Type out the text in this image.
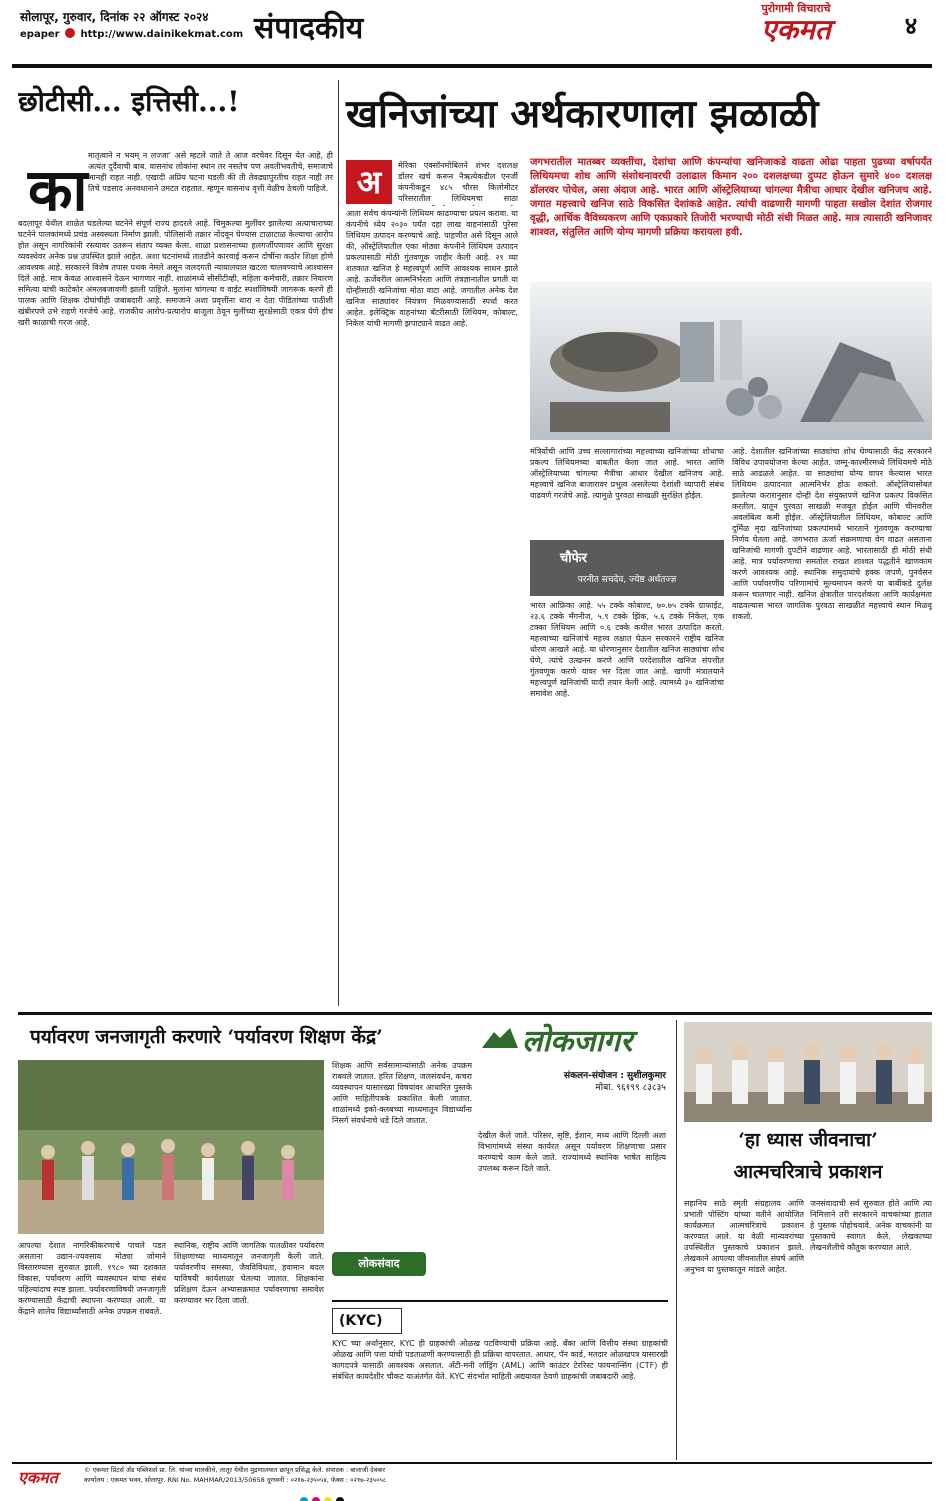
सोलापूर, गुरुवार, दिनांक २२ ऑगस्ट २०२४
epaper http://www.dainikekmat.com संपादकीय
पुरोगामी विचाराचे
एकमत	४
छोटीसी... इत्तिसी...!
का
मातृत्वाने न भयम् न लज्जा' असे म्हटले जाते ते आज वरचेवर दिसून येत आहे, ही अत्यंत दुर्दैवाची बाब. वासनांध लोकांना स्थान तर नसतेच पण अवतीभवतीचे, समाजाचे भानही राहत नाही. एखादी अप्रिय घटना घडली की ती तेवढ्यापुरतीच राहत नाही तर तिचे पडसाद अनवधानाने उमटत राहतात. म्हणून वासनांध वृत्ती वेळीच ठेचली पाहिजे.
बदलापूर येथील शाळेत घडलेल्या घटनेने संपूर्ण राज्य हादरले आहे. चिमुकल्या मुलींवर झालेल्या अत्याचाराच्या घटनेने पालकांमध्ये प्रचंड अस्वस्थता निर्माण झाली. पोलिसांनी तक्रार नोंदवून घेण्यास टाळाटाळ केल्याचा आरोप होत असून नागरिकांनी रस्त्यावर उतरून संताप व्यक्त केला. शाळा प्रशासनाच्या हलगर्जीपणावर आणि सुरक्षा व्यवस्थेवर अनेक प्रश्न उपस्थित झाले आहेत. अशा घटनांमध्ये तातडीने कारवाई करून दोषींना कठोर शिक्षा होणे आवश्यक आहे. सरकारने विशेष तपास पथक नेमले असून जलदगती न्यायालयात खटला चालवण्याचे आश्वासन दिले आहे. मात्र केवळ आश्वासने देऊन भागणार नाही. शाळांमध्ये सीसीटीव्ही, महिला कर्मचारी, तक्रार निवारण समित्या यांची काटेकोर अंमलबजावणी झाली पाहिजे. मुलांना चांगल्या व वाईट स्पर्शाविषयी जागरूक करणे ही पालक आणि शिक्षक दोघांचीही जबाबदारी आहे. समाजाने अशा प्रवृत्तींना थारा न देता पीडितांच्या पाठीशी खंबीरपणे उभे राहणे गरजेचे आहे. राजकीय आरोप-प्रत्यारोप बाजूला ठेवून मुलींच्या सुरक्षेसाठी एकत्र येणे हीच खरी काळाची गरज आहे.
खनिजांच्या अर्थकारणाला झळाळी
अ	मेरिका एक्सॉनमोबिलने शंभर दशलक्ष डॉलर खर्च करून नैऋत्येकडील एनर्जी कंपनीकडून ४८५ चौरस किलोमीटर परिसरातील लिथियमचा साठा
आता सर्वच कंपन्यांनी लिथियम काढण्याचा प्रयत्न करावा. या कंपनीचे ध्येय २०३० पर्यंत दहा लाख वाहनांसाठी पुरेसा लिथियम उत्पादन करण्याचे आहे. पाहणीत असे दिसून आले की, ऑस्ट्रेलियातील एका मोठ्या कंपनीने लिथियम उत्पादन प्रकल्पासाठी मोठी गुंतवणूक जाहीर केली आहे. २१ व्या शतकात खनिज हे महत्त्वपूर्ण आणि आवश्यक साधन झाले आहे. ऊर्जेवरील आत्मनिर्भरता आणि तंत्रज्ञानातील प्रगती या दोन्हीसाठी खनिजांचा मोठा वाटा आहे. जगातील अनेक देश खनिज साठ्यांवर नियंत्रण मिळवण्यासाठी स्पर्धा करत आहेत. इलेक्ट्रिक वाहनांच्या बॅटरीसाठी लिथियम, कोबाल्ट, निकेल यांची मागणी झपाट्याने वाढत आहे.
जगभरातील मातब्बर व्यक्तींचा, देशांचा आणि कंपन्यांचा खनिजाकडे वाढता ओढा पाहता पुढच्या वर्षापर्यंत लिथियमचा शोध आणि संशोधनावरची उलाढाल किमान २०० दशलक्षच्या दुप्पट होऊन सुमारे ४०० दशलक्ष डॉलरवर पोचेल, असा अंदाज आहे. भारत आणि ऑस्ट्रेलियाच्या चांगल्या मैत्रीचा आधार देखील खनिजच आहे. जगात महत्त्वाचे खनिज साठे विकसित देशांकडे आहेत. त्यांची वाढणारी मागणी पाहता सखोल देशांत रोजगार वृद्धी, आर्थिक वैविध्यकरण आणि एकप्रकारे तिजोरी भरण्याची मोठी संधी मिळत आहे. मात्र त्यासाठी खनिजावर शाश्वत, संतुलित आणि योग्य मागणी प्रक्रिया करायला हवी.
मंत्रियोंची आणि उच्च सल्लागारांच्या महत्त्वाच्या खनिजांच्या शोधाचा प्रकल्प लिथियमच्या बाबतीत केला जात आहे. भारत आणि ऑस्ट्रेलियाच्या चांगल्या मैत्रीचा आधार देखील खनिजच आहे. महत्त्वाचे खनिज बाजारावर प्रभुत्व असलेल्या देशांशी व्यापारी संबंध वाढवणे गरजेचे आहे. त्यामुळे पुरवठा साखळी सुरक्षित होईल.
चौफेर
परनीत सचदेव, ज्येष्ठ अर्थतज्ज्ञ
भारत आफ्रिका आहे. ५५ टक्के कोबाल्ट, ७०.७५ टक्के ग्राफाईट, २३.६ टक्के मॅंगनीज, ५.९ टक्के झिंक, ५.६ टक्के निकेल, एक टक्का लिथियम आणि ०.६ टक्के कथील भारत उत्पादित करतो. महत्त्वाच्या खनिजांचे महत्त्व लक्षात घेऊन सरकारने राष्ट्रीय खनिज धोरण आखले आहे. या धोरणानुसार देशातील खनिज साठ्यांचा शोध घेणे, त्यांचे उत्खनन करणे आणि परदेशातील खनिज संपत्तीत गुंतवणूक करणे यावर भर दिला जात आहे. खाणी मंत्रालयाने महत्त्वपूर्ण खनिजांची यादी तयार केली आहे. त्यामध्ये ३० खनिजांचा समावेश आहे.
आहे. देशातील खनिजांच्या साठ्यांचा शोध घेण्यासाठी केंद्र सरकारने विविध उपाययोजना केल्या आहेत. जम्मू-काश्मीरमध्ये लिथियमचे मोठे साठे आढळले आहेत. या साठ्यांचा योग्य वापर केल्यास भारत लिथियम उत्पादनात आत्मनिर्भर होऊ शकतो. ऑस्ट्रेलियासोबत झालेल्या करारानुसार दोन्ही देश संयुक्तपणे खनिज प्रकल्प विकसित करतील. यातून पुरवठा साखळी मजबूत होईल आणि चीनवरील अवलंबित्व कमी होईल. ऑस्ट्रेलियातील लिथियम, कोबाल्ट आणि दुर्मिळ मृदा खनिजांच्या प्रकल्पांमध्ये भारताने गुंतवणूक करण्याचा निर्णय घेतला आहे. जगभरात ऊर्जा संक्रमणाचा वेग वाढत असताना खनिजांची मागणी दुपटीने वाढणार आहे. भारतासाठी ही मोठी संधी आहे. मात्र पर्यावरणाचा समतोल राखत शाश्वत पद्धतीने खाणकाम करणे आवश्यक आहे. स्थानिक समुदायांचे हक्क जपणे, पुनर्वसन आणि पर्यावरणीय परिणामांचे मूल्यमापन करणे या बाबींकडे दुर्लक्ष करून चालणार नाही. खनिज क्षेत्रातील पारदर्शकता आणि कार्यक्षमता वाढवल्यास भारत जागतिक पुरवठा साखळीत महत्त्वाचे स्थान मिळवू शकतो.
पर्यावरण जनजागृती करणारे ‘पर्यावरण शिक्षण केंद्र’
आपल्या देशात नागरिकीकरणाचे पाचले पडत असताना उद्यान-ज्यवसाय मोठ्या जोमाने विस्तारण्यास सुरुवात झाली. १९८० च्या दशकात विकास, पर्यावरण आणि व्यवस्थापन यांचा संबंध पहिल्यांदाच स्पष्ट झाला. पर्यावरणाविषयी जनजागृती करण्यासाठी केंद्राची स्थापना करण्यात आली. या केंद्राने शालेय विद्यार्थ्यांसाठी अनेक उपक्रम राबवले.
स्थानिक, राष्ट्रीय आणि जागतिक पातळीवर पर्यावरण शिक्षणाच्या माध्यमातून जनजागृती केली जाते. पर्यावरणीय समस्या, जैवविविधता, हवामान बदल याविषयी कार्यशाळा घेतल्या जातात. शिक्षकांना प्रशिक्षण देऊन अभ्यासक्रमात पर्यावरणाचा समावेश करण्यावर भर दिला जातो.
शिक्षक आणि सर्वसामान्यांसाठी अनेक उपक्रम राबवले जातात. हरित शिक्षण, जलसंवर्धन, कचरा व्यवस्थापन यासारख्या विषयांवर आधारित पुस्तके आणि माहितीपत्रके प्रकाशित केली जातात. शाळांमध्ये इको-क्लबच्या माध्यमातून विद्यार्थ्यांना निसर्ग संवर्धनाचे धडे दिले जातात.
लोकजागर
संकलन-संयोजन : सुशीलकुमार
मोबा. ९६१९९ ८३८३५
देखील केले जाते. परिसर, सृष्टि, ईशान, मध्य आणि दिल्ली अशा विभागांमध्ये संस्था कार्यरत असून पर्यावरण शिक्षणाचा प्रसार करण्याचे काम केले जाते. राज्यांमध्ये स्थानिक भाषेत साहित्य उपलब्ध करून दिले जाते.
लोकसंवाद
(KYC)
KYC च्या अर्थानुसार, KYC ही ग्राहकांची ओळख पटविण्याची प्रक्रिया आहे. बँका आणि वित्तीय संस्था ग्राहकांची ओळख आणि पत्ता यांची पडताळणी करण्यासाठी ही प्रक्रिया वापरतात. आधार, पॅन कार्ड, मतदार ओळखपत्र यासारखी कागदपत्रे यासाठी आवश्यक असतात. अँटी-मनी लॉड्रिंग (AML) आणि काउंटर टेररिस्ट फायनान्सिंग (CTF) ही संबंधित कायदेशीर चौकट याअंतर्गत येते. KYC संदर्भात माहिती अद्ययावत ठेवणे ग्राहकांची जबाबदारी आहे.
‘हा ध्यास जीवनाचा’
आत्मचरित्राचे प्रकाशन
सहानिय साठे स्मृती संग्रहालय आणि प्रभाती पोस्टिंग यांच्या वतीने आयोजित कार्यक्रमात आत्मचरित्राचे प्रकाशन करण्यात आले. या वेळी मान्यवरांच्या उपस्थितीत पुस्तकाचे प्रकाशन झाले. लेखकाने आपल्या जीवनातील संघर्ष आणि अनुभव या पुस्तकातून मांडले आहेत.
जनसंवादाची सर्व सुरुवात होते आणि त्या निमित्ताने तरी सरकारने वाचकांच्या हातात हे पुस्तक पोहोचवावे. अनेक वाचकांनी या पुस्तकाचे स्वागत केले. लेखकाच्या लेखनशैलीचे कौतुक करण्यात आले.
एकमत	© एकमत प्रिंटर्स अँड पब्लिशर्स प्रा. लि. यांच्या मालकीचे, लातूर येथील मुद्रणालयात छापून प्रसिद्ध केले. संपादक : बालाजी देवकर
कार्यालय : एकमत भवन, सोलापूर. RNI No. MAHMAR/2013/50658 दूरध्वनी : ०२१७-२३५०५४, फॅक्स : ०२१७-२३५०५८
